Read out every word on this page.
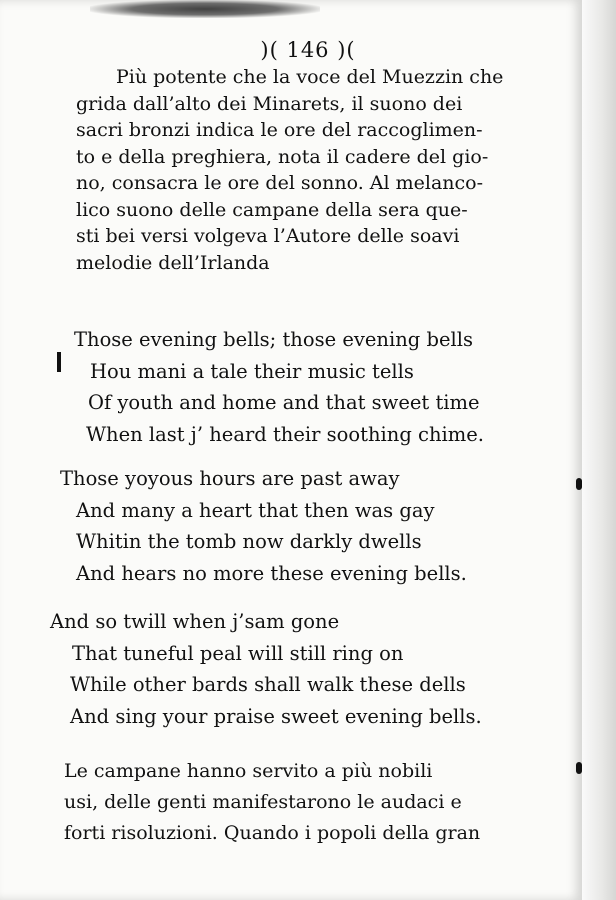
)( 146 )(

Più potente che la voce del Muezzin che
grida dall’alto dei Minarets, il suono dei
sacri bronzi indica le ore del raccoglimen-
to e della preghiera, nota il cadere del gio-
no, consacra le ore del sonno. Al melanco-
lico suono delle campane della sera que-
sti bei versi volgeva l’Autore delle soavi
melodie dell’Irlanda

Those evening bells; those evening bells
Hou mani a tale their music tells
Of youth and home and that sweet time
When last j’ heard their soothing chime.
Those yoyous hours are past away
And many a heart that then was gay
Whitin the tomb now darkly dwells
And hears no more these evening bells.
And so twill when j’sam gone
That tuneful peal will still ring on
While other bards shall walk these dells
And sing your praise sweet evening bells.

Le campane hanno servito a più nobili
usi, delle genti manifestarono le audaci e
forti risoluzioni. Quando i popoli della gran
